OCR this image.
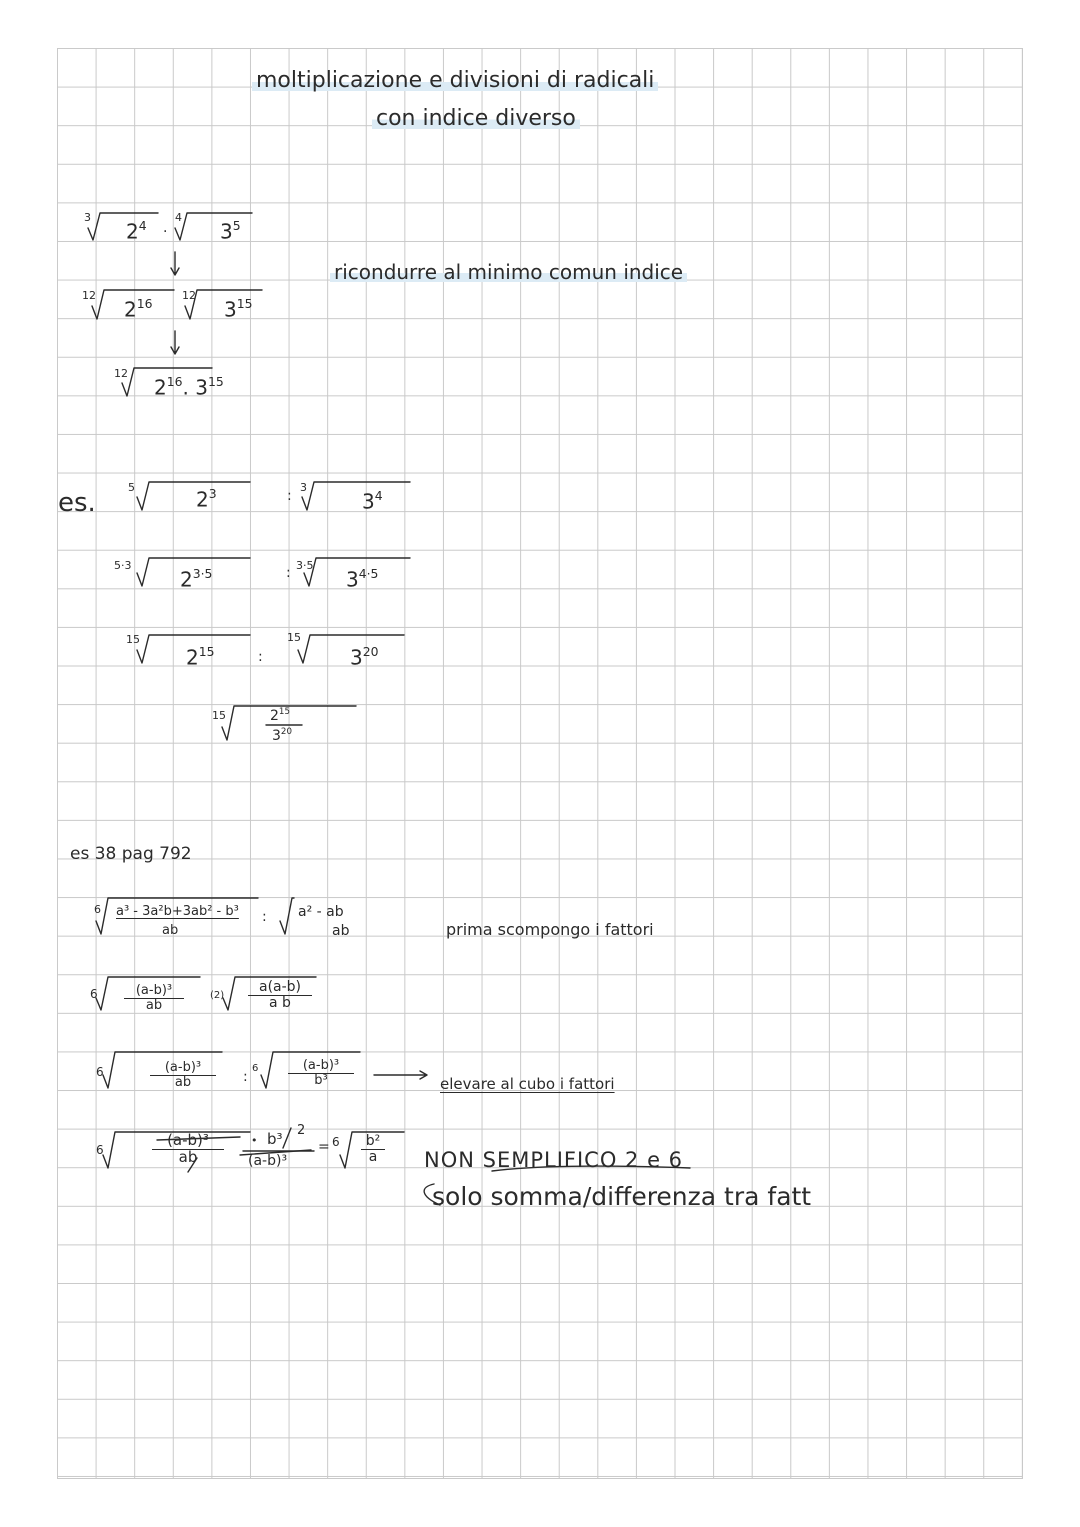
moltiplicazione e divisioni di radicali
con indice diverso
ricondurre al minimo comun indice
3
$2^4$ ·
4
$3^5$
12
$2^{16}$
12
$3^{15}$
12
$2^{16}$. $3^{15}$
es.
5
$2^3$	:
3
$3^4$
5·3
$2^{3\cdot 5}$	: 3·5
$3^{4\cdot 5}$
15
$2^{15}$	:
15
$3^{20}$
15	$2^{15}$
$3^{20}$
es 38 pag 792
6 a³ - 3a²b+3ab² - b³
ab
: a² - ab
ab	prima scompongo i fattori
$6 \frac{\text{(a-b)³}}{ab}$	$(2) \frac{a(a-b)}{\text{a b}}$
6	$\frac{\text{(a-b)³}}{ab}$ :
$6 \frac{\text{(a-b)³}}{\text{b³}}$	elevare al cubo i fattori
6	$\frac{\text{(a-b)³}}{ab}$ • b³ 2
(a-b)³
= $6 \frac{\text{b²}}{a}$ NON SEMPLIFICO 2 e 6
solo somma/differenza tra fatt
